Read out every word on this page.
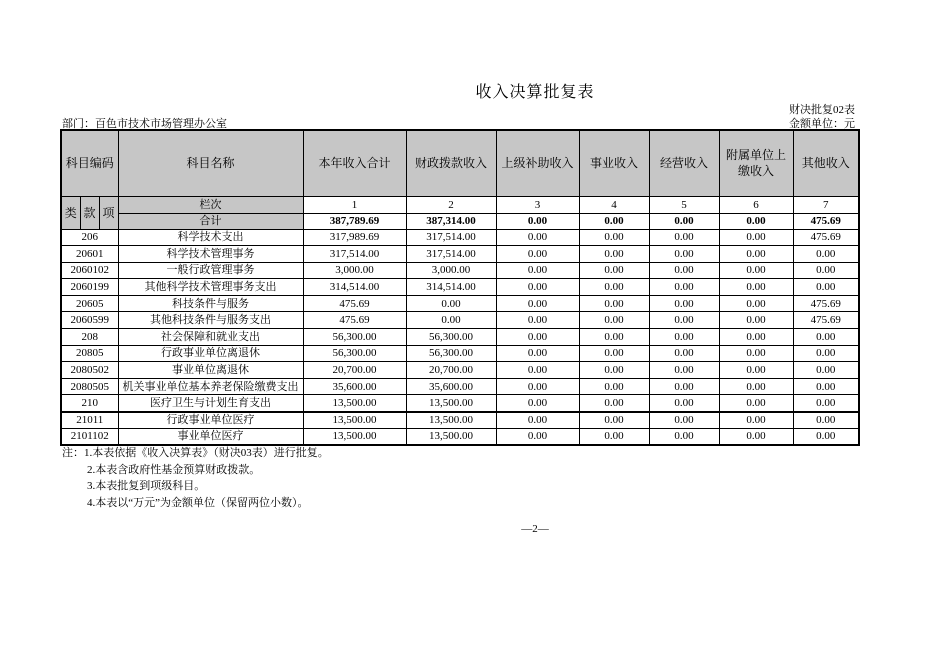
收入决算批复表
财决批复02表
金额单位：元
部门：百色市技术市场管理办公室
科目编码			科目名称	本年收入合计	财政拨款收入	上级补助收入	事业收入	经营收入	附属单位上缴收入	其他收入
类	款	项	栏次	1	2	3	4	5	6	7
			合计	387,789.69	387,314.00	0.00	0.00	0.00	0.00	475.69
206			科学技术支出	317,989.69	317,514.00	0.00	0.00	0.00	0.00	475.69
20601			科学技术管理事务	317,514.00	317,514.00	0.00	0.00	0.00	0.00	0.00
2060102			一般行政管理事务	3,000.00	3,000.00	0.00	0.00	0.00	0.00	0.00
2060199			其他科学技术管理事务支出	314,514.00	314,514.00	0.00	0.00	0.00	0.00	0.00
20605			科技条件与服务	475.69	0.00	0.00	0.00	0.00	0.00	475.69
2060599			其他科技条件与服务支出	475.69	0.00	0.00	0.00	0.00	0.00	475.69
208			社会保障和就业支出	56,300.00	56,300.00	0.00	0.00	0.00	0.00	0.00
20805			行政事业单位离退休	56,300.00	56,300.00	0.00	0.00	0.00	0.00	0.00
2080502			事业单位离退休	20,700.00	20,700.00	0.00	0.00	0.00	0.00	0.00
2080505			机关事业单位基本养老保险缴费支出	35,600.00	35,600.00	0.00	0.00	0.00	0.00	0.00
210			医疗卫生与计划生育支出	13,500.00	13,500.00	0.00	0.00	0.00	0.00	0.00
21011			行政事业单位医疗	13,500.00	13,500.00	0.00	0.00	0.00	0.00	0.00
2101102			事业单位医疗	13,500.00	13,500.00	0.00	0.00	0.00	0.00	0.00
注：1.本表依据《收入决算表》（财决03表）进行批复。
2.本表含政府性基金预算财政拨款。
3.本表批复到项级科目。
4.本表以“万元”为金额单位（保留两位小数）。
—2—
